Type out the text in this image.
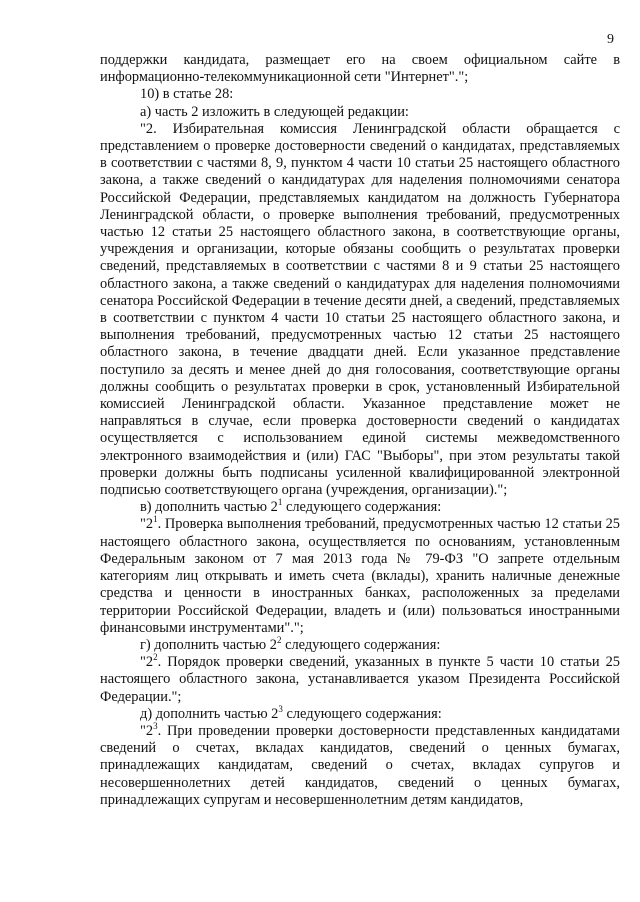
9

поддержки кандидата, размещает его на своем официальном сайте в информационно-телекоммуникационной сети "Интернет".";

10) в статье 28:

а) часть 2 изложить в следующей редакции:

"2. Избирательная комиссия Ленинградской области обращается с представлением о проверке достоверности сведений о кандидатах, представляемых в соответствии с частями 8, 9, пунктом 4 части 10 статьи 25 настоящего областного закона, а также сведений о кандидатурах для наделения полномочиями сенатора Российской Федерации, представляемых кандидатом на должность Губернатора Ленинградской области, о проверке выполнения требований, предусмотренных частью 12 статьи 25 настоящего областного закона, в соответствующие органы, учреждения и организации, которые обязаны сообщить о результатах проверки сведений, представляемых в соответствии с частями 8 и 9 статьи 25 настоящего областного закона, а также сведений о кандидатурах для наделения полномочиями сенатора Российской Федерации в течение десяти дней, а сведений, представляемых в соответствии с пунктом 4 части 10 статьи 25 настоящего областного закона, и выполнения требований, предусмотренных частью 12 статьи 25 настоящего областного закона, в течение двадцати дней. Если указанное представление поступило за десять и менее дней до дня голосования, соответствующие органы должны сообщить о результатах проверки в срок, установленный Избирательной комиссией Ленинградской области. Указанное представление может не направляться в случае, если проверка достоверности сведений о кандидатах осуществляется с использованием единой системы межведомственного электронного взаимодействия и (или) ГАС "Выборы", при этом результаты такой проверки должны быть подписаны усиленной квалифицированной электронной подписью соответствующего органа (учреждения, организации).";

в) дополнить частью $2^1$ следующего содержания:

"$2^1$. Проверка выполнения требований, предусмотренных частью 12 статьи 25 настоящего областного закона, осуществляется по основаниям, установленным Федеральным законом от 7 мая 2013 года № 79-ФЗ "О запрете отдельным категориям лиц открывать и иметь счета (вклады), хранить наличные денежные средства и ценности в иностранных банках, расположенных за пределами территории Российской Федерации, владеть и (или) пользоваться иностранными финансовыми инструментами".";

г) дополнить частью $2^2$ следующего содержания:

"$2^2$. Порядок проверки сведений, указанных в пункте 5 части 10 статьи 25 настоящего областного закона, устанавливается указом Президента Российской Федерации.";

д) дополнить частью $2^3$ следующего содержания:

"$2^3$. При проведении проверки достоверности представленных кандидатами сведений о счетах, вкладах кандидатов, сведений о ценных бумагах, принадлежащих кандидатам, сведений о счетах, вкладах супругов и несовершеннолетних детей кандидатов, сведений о ценных бумагах, принадлежащих супругам и несовершеннолетним детям кандидатов,
